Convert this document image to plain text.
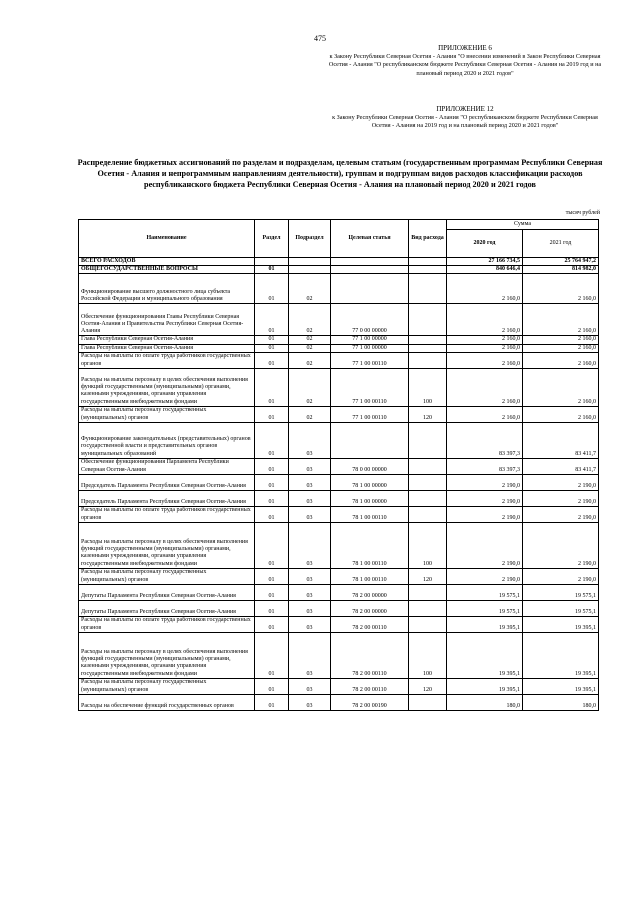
475
ПРИЛОЖЕНИЕ 6
к Закону Республики Северная Осетия - Алания "О внесении изменений в Закон Республики Северная Осетия - Алания "О республиканском бюджете Республики Северная Осетия - Алания на 2019 год и на плановый период 2020 и 2021 годов"
ПРИЛОЖЕНИЕ 12
к Закону Республики Северная Осетия - Алания "О республиканском бюджете Республики Северная Осетия - Алания на 2019 год и на плановый период 2020 и 2021 годов"
Распределение бюджетных ассигнований по разделам и подразделам, целевым статьям (государственным программам Республики Северная Осетия - Алания и непрограммным направлениям деятельности), группам и подгруппам видов расходов классификации расходов республиканского бюджета Республики Северная Осетия - Алания на плановый период 2020 и 2021 годов
тысяч рублей
Наименование	Раздел	Подраздел	Целевая статья	Вид расхода	Сумма	
					2020 год	2021 год
ВСЕГО РАСХОДОВ					27 166 734,5	25 764 947,2
ОБЩЕГОСУДАРСТВЕННЫЕ ВОПРОСЫ	01				840 646,4	814 982,0
Функционирование высшего должностного лица субъекта Российской Федерации и муниципального образования	01	02			2 160,0	2 160,0
Обеспечение функционирования Главы Республики Северная Осетия-Алания и Правительства Республики Северная Осетия-Алания	01	02	77 0 00 00000		2 160,0	2 160,0
Глава Республики Северная Осетия-Алания	01	02	77 1 00 00000		2 160,0	2 160,0
Глава Республики Северная Осетия-Алания	01	02	77 1 00 00000		2 160,0	2 160,0
Расходы на выплаты по оплате труда работников государственных органов	01	02	77 1 00 00110		2 160,0	2 160,0
Расходы на выплаты персоналу в целях обеспечения выполнения функций государственными (муниципальными) органами, казенными учреждениями, органами управления государственными внебюджетными фондами	01	02	77 1 00 00110	100	2 160,0	2 160,0
Расходы на выплаты персоналу государственных (муниципальных) органов	01	02	77 1 00 00110	120	2 160,0	2 160,0
Функционирование законодательных (представительных) органов государственной власти и представительных органов муниципальных образований	01	03			83 397,3	83 411,7
Обеспечение функционирования Парламента Республики Северная Осетия-Алания	01	03	78 0 00 00000		83 397,3	83 411,7
Председатель Парламента Республики Северная Осетия-Алания	01	03	78 1 00 00000		2 190,0	2 190,0
Председатель Парламента Республики Северная Осетия-Алания	01	03	78 1 00 00000		2 190,0	2 190,0
Расходы на выплаты по оплате труда работников государственных органов	01	03	78 1 00 00110		2 190,0	2 190,0
Расходы на выплаты персоналу в целях обеспечения выполнения функций государственными (муниципальными) органами, казенными учреждениями, органами управления государственными внебюджетными фондами	01	03	78 1 00 00110	100	2 190,0	2 190,0
Расходы на выплаты персоналу государственных (муниципальных) органов	01	03	78 1 00 00110	120	2 190,0	2 190,0
Депутаты Парламента Республики Северная Осетия-Алания	01	03	78 2 00 00000		19 575,1	19 575,1
Депутаты Парламента Республики Северная Осетия-Алания	01	03	78 2 00 00000		19 575,1	19 575,1
Расходы на выплаты по оплате труда работников государственных органов	01	03	78 2 00 00110		19 395,1	19 395,1
Расходы на выплаты персоналу в целях обеспечения выполнения функций государственными (муниципальными) органами, казенными учреждениями, органами управления государственными внебюджетными фондами	01	03	78 2 00 00110	100	19 395,1	19 395,1
Расходы на выплаты персоналу государственных (муниципальных) органов	01	03	78 2 00 00110	120	19 395,1	19 395,1
Расходы на обеспечение функций государственных органов	01	03	78 2 00 00190		180,0	180,0
